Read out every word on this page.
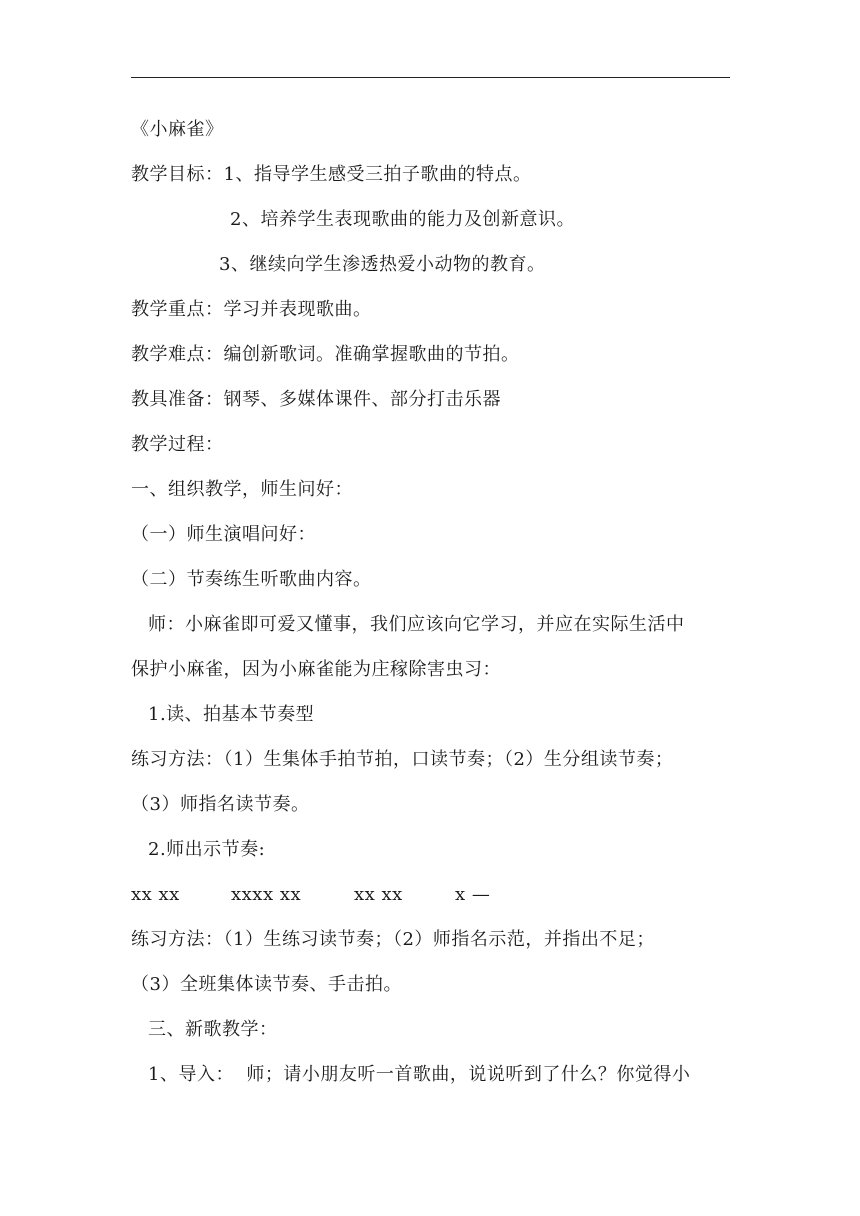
《小麻雀》
教学目标：1、指导学生感受三拍子歌曲的特点。
2、培养学生表现歌曲的能力及创新意识。
3、继续向学生渗透热爱小动物的教育。
教学重点：学习并表现歌曲。
教学难点：编创新歌词。准确掌握歌曲的节拍。
教具准备：钢琴、多媒体课件、部分打击乐器
教学过程：
一、组织教学，师生问好：
（一）师生演唱问好：
（二）节奏练生听歌曲内容。
师：小麻雀即可爱又懂事，我们应该向它学习，并应在实际生活中
保护小麻雀，因为小麻雀能为庄稼除害虫习：
1.读、拍基本节奏型
练习方法：（1）生集体手拍节拍，口读节奏；（2）生分组读节奏；
（3）师指名读节奏。
2.师出示节奏:
xx xx	xxxx xx	xx xx	x —
练习方法：（1）生练习读节奏；（2）师指名示范，并指出不足；
（3）全班集体读节奏、手击拍。
三、新歌教学：
1、导入：  师；请小朋友听一首歌曲，说说听到了什么？你觉得小
